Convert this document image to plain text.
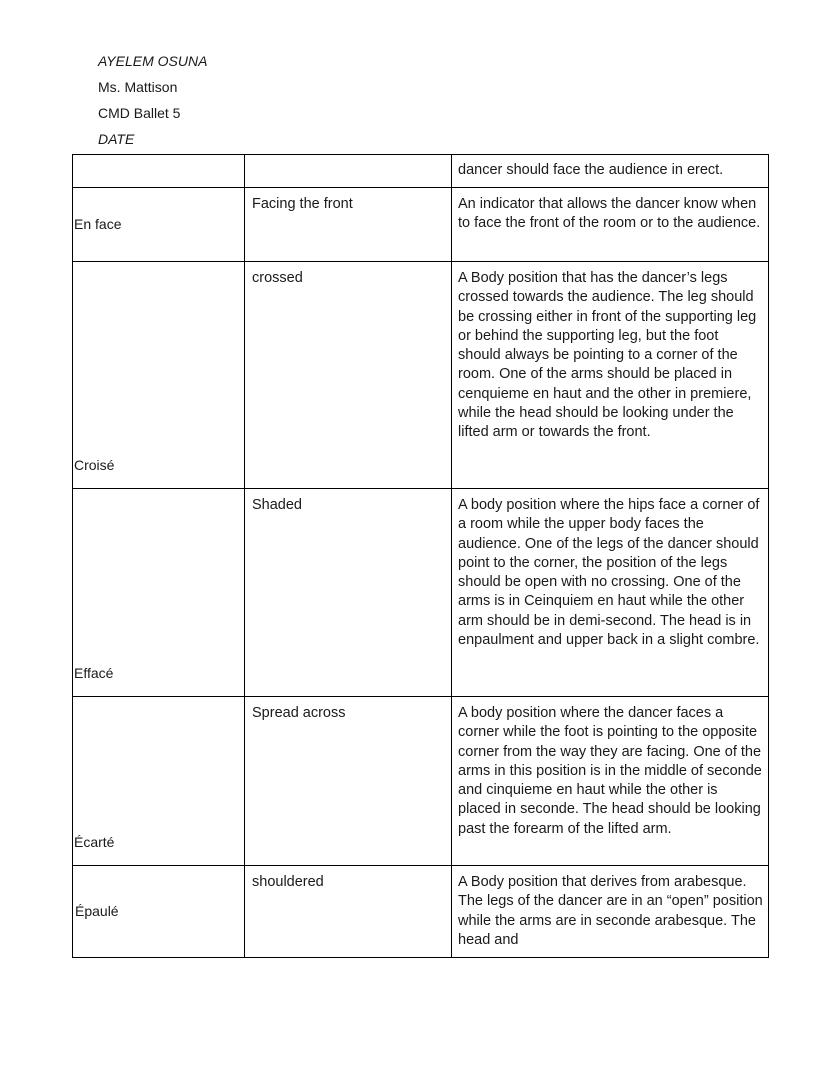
AYELEM OSUNA
Ms. Mattison
CMD Ballet 5
DATE

		dancer should face the audience in erect.

En face	Facing the front	An indicator that allows the dancer know when to face the front of the room or to the audience.

Croisé	crossed	A Body position that has the dancer’s legs crossed towards the audience. The leg should be crossing either in front of the supporting leg or behind the supporting leg, but the foot should always be pointing to a corner of the room. One of the arms should be placed in cenquieme en haut and the other in premiere, while the head should be looking under the lifted arm or towards the front.

Effacé	Shaded	A body position where the hips face a corner of a room while the upper body faces the audience. One of the legs of the dancer should point to the corner, the position of the legs should be open with no crossing. One of the arms is in Ceinquiem en haut while the other arm should be in demi-second. The head is in enpaulment and upper back in a slight combre.

Écarté	Spread across	A body position where the dancer faces a corner while the foot is pointing to the opposite corner from the way they are facing. One of the arms in this position is in the middle of seconde and cinquieme en haut while the other is placed in seconde. The head should be looking past the forearm of the lifted arm.

Épaulé	shouldered	A Body position that derives from arabesque. The legs of the dancer are in an “open” position while the arms are in seconde arabesque. The head and
